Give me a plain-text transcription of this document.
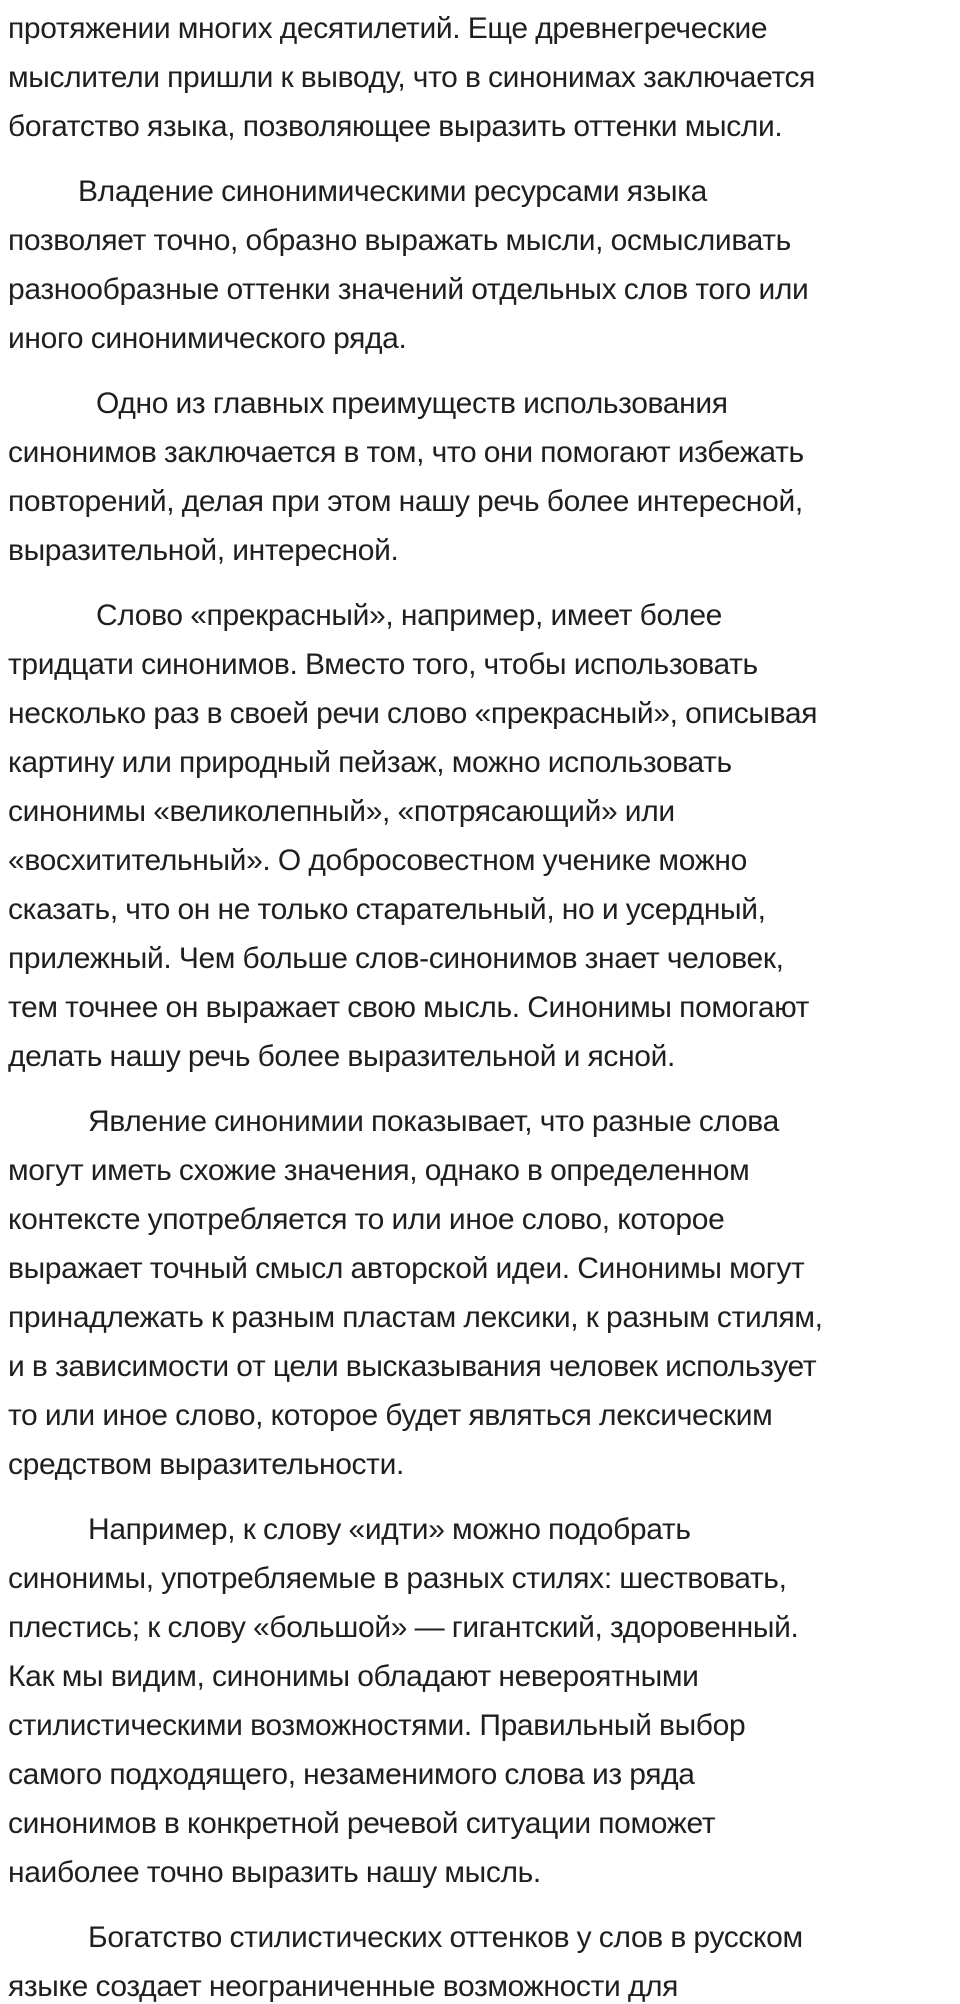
протяжении многих десятилетий. Еще древнегреческие
мыслители пришли к выводу, что в синонимах заключается
богатство языка, позволяющее выразить оттенки мысли.

Владение синонимическими ресурсами языка
позволяет точно, образно выражать мысли, осмысливать
разнообразные оттенки значений отдельных слов того или
иного синонимического ряда.

Одно из главных преимуществ использования
синонимов заключается в том, что они помогают избежать
повторений, делая при этом нашу речь более интересной,
выразительной, интересной.

Слово «прекрасный», например, имеет более
тридцати синонимов. Вместо того, чтобы использовать
несколько раз в своей речи слово «прекрасный», описывая
картину или природный пейзаж, можно использовать
синонимы «великолепный», «потрясающий» или
«восхитительный». О добросовестном ученике можно
сказать, что он не только старательный, но и усердный,
прилежный. Чем больше слов-синонимов знает человек,
тем точнее он выражает свою мысль. Синонимы помогают
делать нашу речь более выразительной и ясной.

Явление синонимии показывает, что разные слова
могут иметь схожие значения, однако в определенном
контексте употребляется то или иное слово, которое
выражает точный смысл авторской идеи. Синонимы могут
принадлежать к разным пластам лексики, к разным стилям,
и в зависимости от цели высказывания человек использует
то или иное слово, которое будет являться лексическим
средством выразительности.

Например, к слову «идти» можно подобрать
синонимы, употребляемые в разных стилях: шествовать,
плестись; к слову «большой» — гигантский, здоровенный.
Как мы видим, синонимы обладают невероятными
стилистическими возможностями. Правильный выбор
самого подходящего, незаменимого слова из ряда
синонимов в конкретной речевой ситуации поможет
наиболее точно выразить нашу мысль.

Богатство стилистических оттенков у слов в русском
языке создает неограниченные возможности для
